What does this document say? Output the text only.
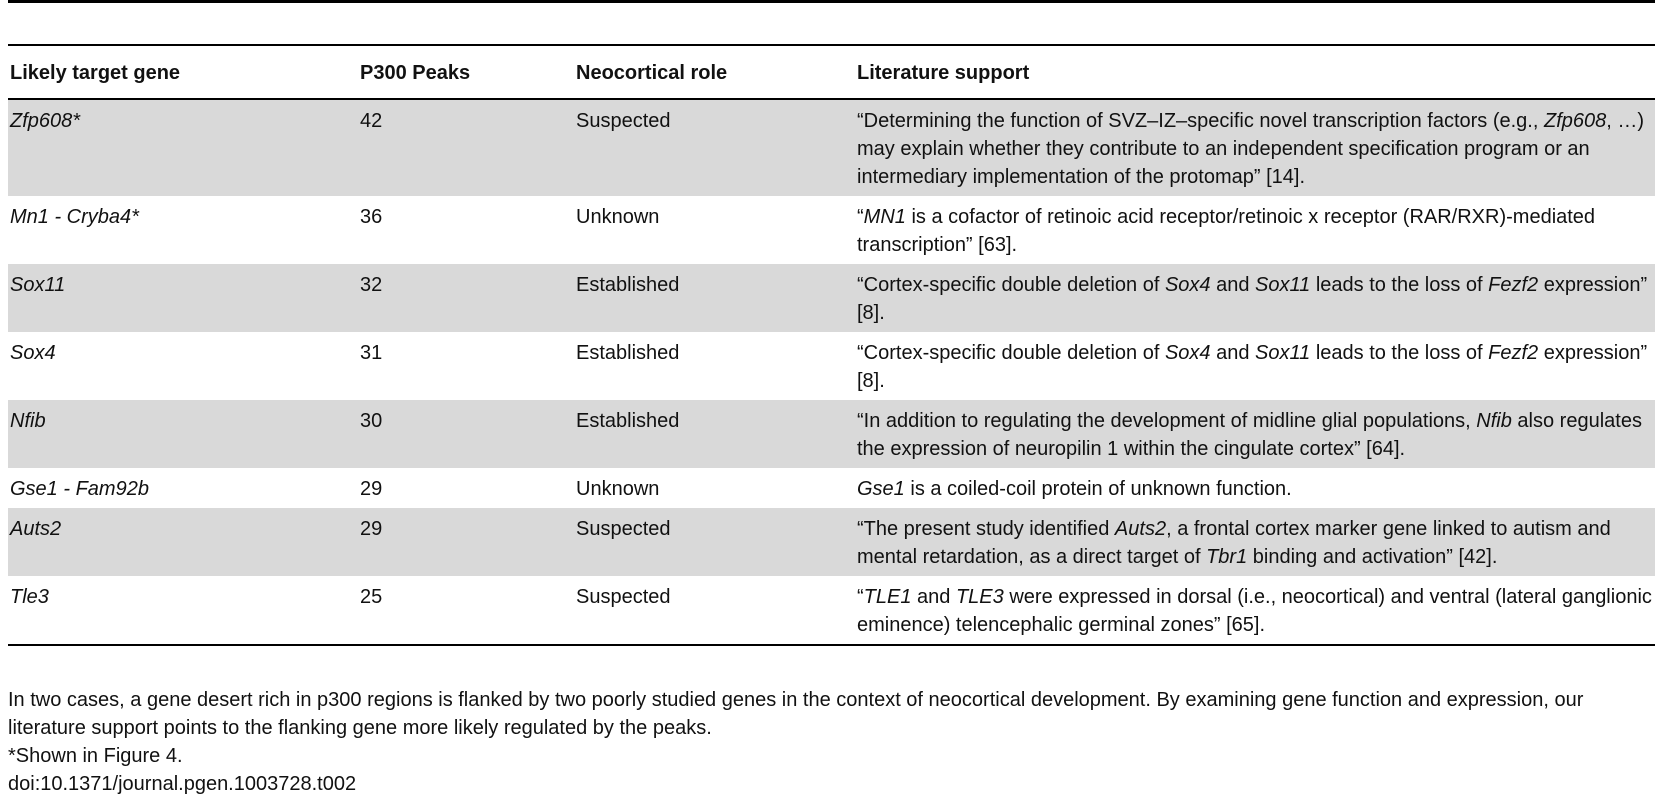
Likely target gene	P300 Peaks	Neocortical role	Literature support
Zfp608*	42	Suspected	“Determining the function of SVZ–IZ–specific novel transcription factors (e.g., Zfp608, …) may explain whether they contribute to an independent specification program or an intermediary implementation of the protomap” [14].
Mn1 - Cryba4*	36	Unknown	“MN1 is a cofactor of retinoic acid receptor/retinoic x receptor (RAR/RXR)-mediated transcription” [63].
Sox11	32	Established	“Cortex-specific double deletion of Sox4 and Sox11 leads to the loss of Fezf2 expression” [8].
Sox4	31	Established	“Cortex-specific double deletion of Sox4 and Sox11 leads to the loss of Fezf2 expression” [8].
Nfib	30	Established	“In addition to regulating the development of midline glial populations, Nfib also regulates the expression of neuropilin 1 within the cingulate cortex” [64].
Gse1 - Fam92b	29	Unknown	Gse1 is a coiled-coil protein of unknown function.
Auts2	29	Suspected	“The present study identified Auts2, a frontal cortex marker gene linked to autism and mental retardation, as a direct target of Tbr1 binding and activation” [42].
Tle3	25	Suspected	“TLE1 and TLE3 were expressed in dorsal (i.e., neocortical) and ventral (lateral ganglionic eminence) telencephalic germinal zones” [65].

In two cases, a gene desert rich in p300 regions is flanked by two poorly studied genes in the context of neocortical development. By examining gene function and expression, our literature support points to the flanking gene more likely regulated by the peaks.

*Shown in Figure 4.

doi:10.1371/journal.pgen.1003728.t002
